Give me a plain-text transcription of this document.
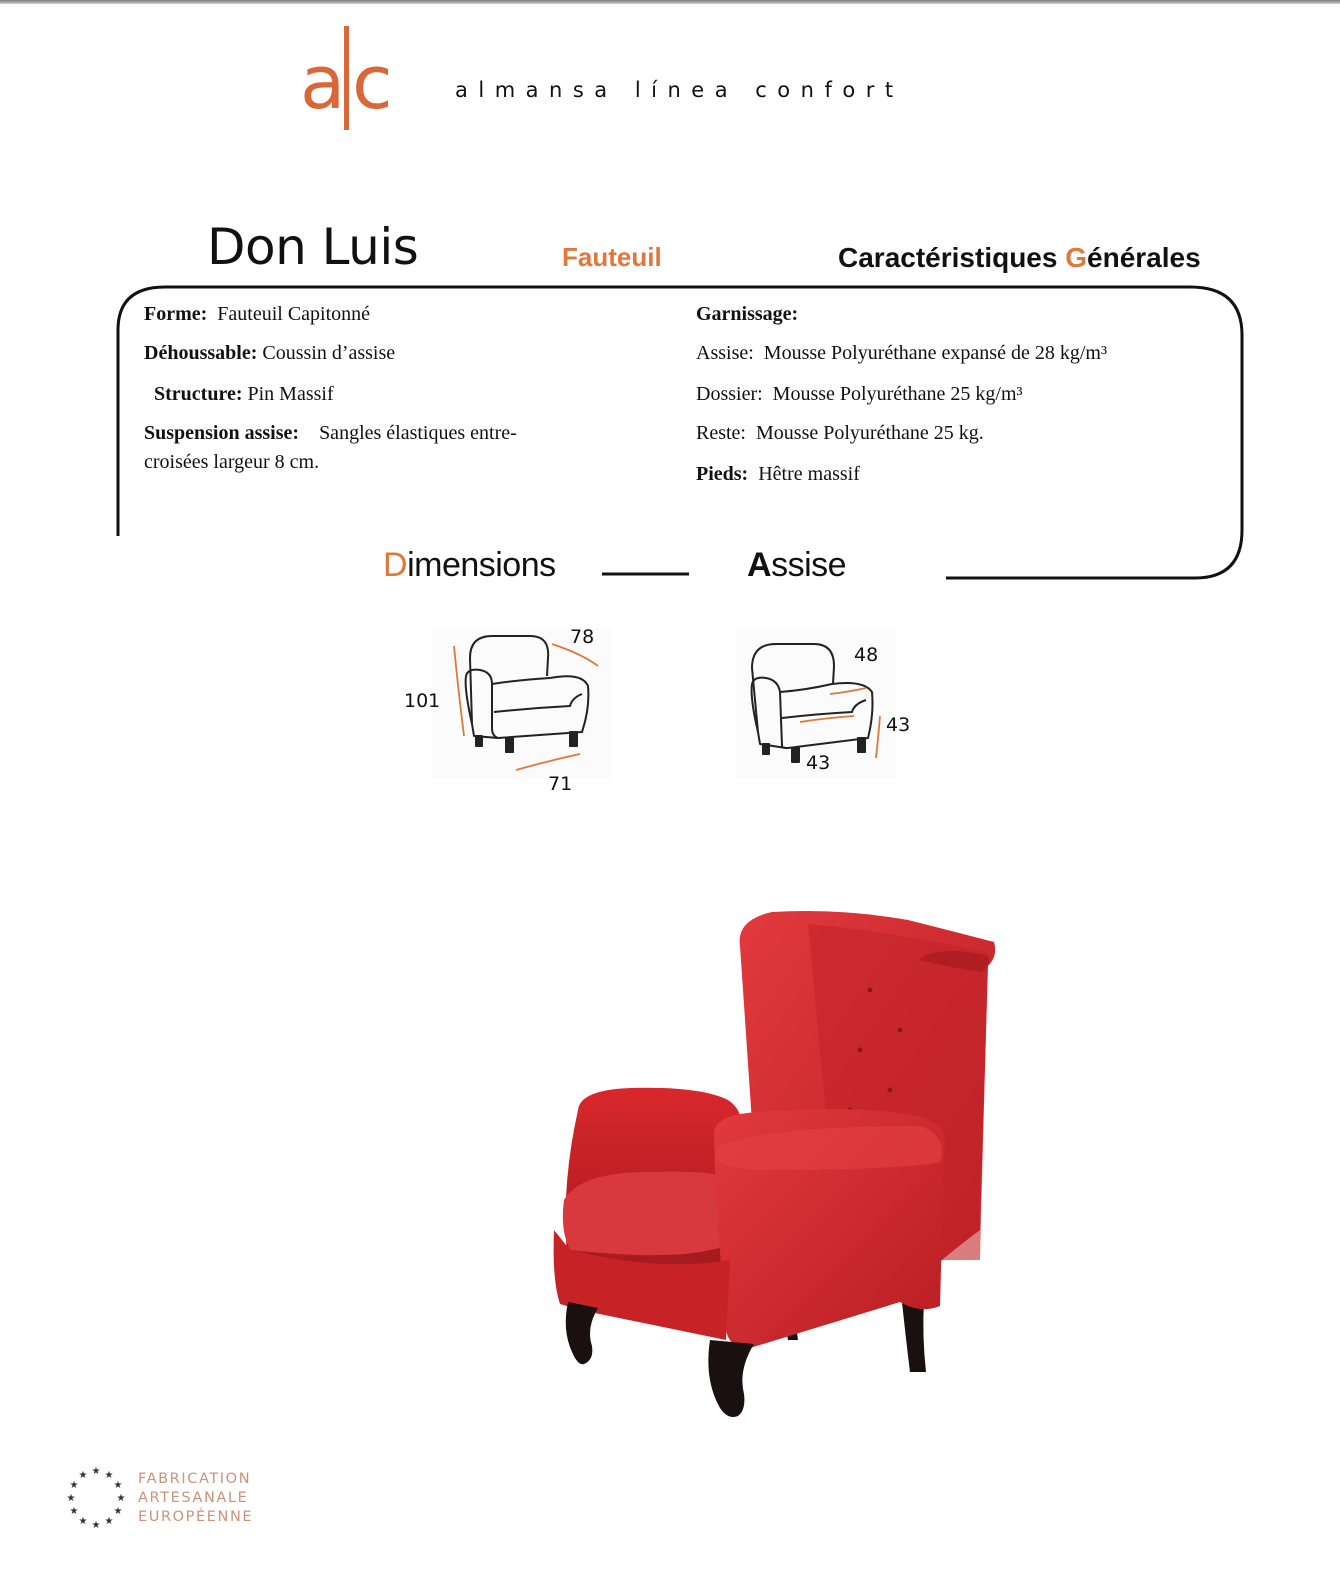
a c	almansa línea confort
Don Luis	Fauteuil	Caractéristiques Générales
Forme: Fauteuil Capitonné
Déhoussable: Coussin d’assise
Structure: Pin Massif
Suspension assise: Sangles élastiques entre-
croisées largeur 8 cm.
Garnissage:
Assise: Mousse Polyuréthane expansé de 28 kg/m³
Dossier: Mousse Polyuréthane 25 kg/m³
Reste: Mousse Polyuréthane 25 kg.
Pieds: Hêtre massif
Dimensions	Assise
101
78
71
48
43
43
★ ★
★
★
★
★
★
★
★
★
★
★	FABRICATION
ARTESANALE
EUROPÉENNE
